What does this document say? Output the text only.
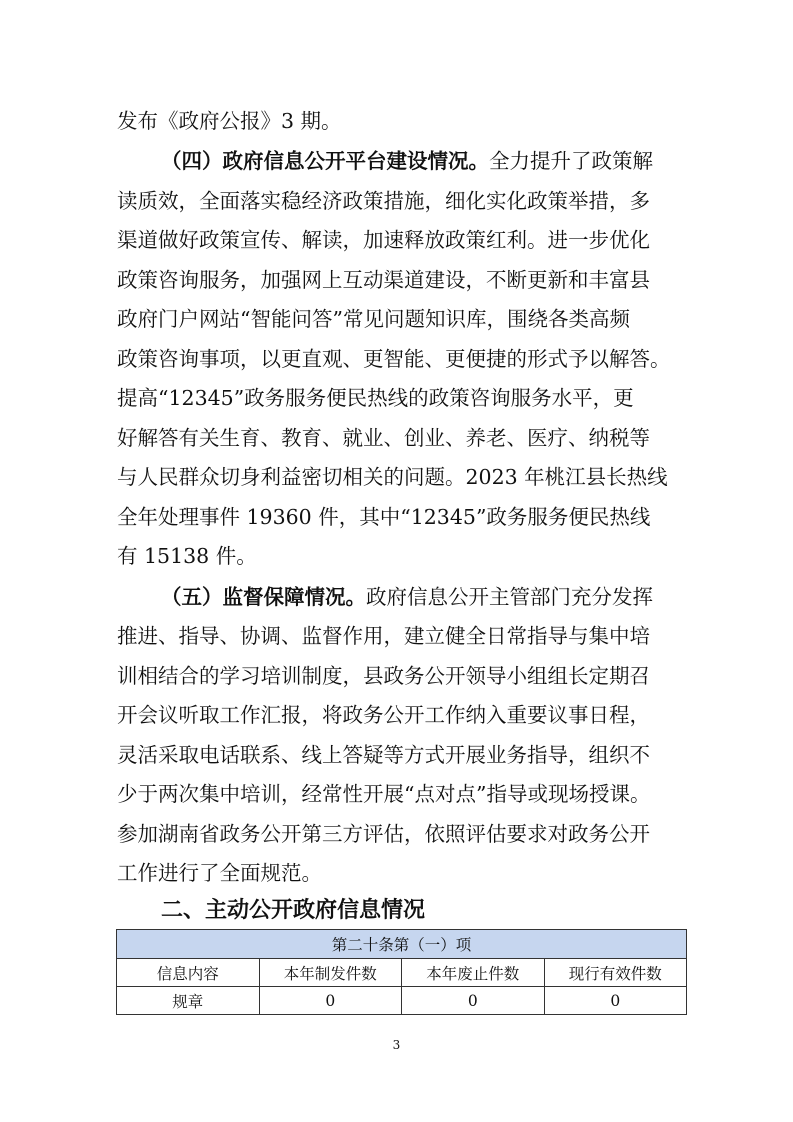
发布《政府公报》3 期。
（四）政府信息公开平台建设情况。全力提升了政策解
读质效，全面落实稳经济政策措施，细化实化政策举措，多
渠道做好政策宣传、解读，加速释放政策红利。进一步优化
政策咨询服务，加强网上互动渠道建设，不断更新和丰富县
政府门户网站“智能问答”常见问题知识库，围绕各类高频
政策咨询事项，以更直观、更智能、更便捷的形式予以解答。
提高“12345”政务服务便民热线的政策咨询服务水平，更
好解答有关生育、教育、就业、创业、养老、医疗、纳税等
与人民群众切身利益密切相关的问题。2023 年桃江县长热线
全年处理事件 19360 件，其中“12345”政务服务便民热线
有 15138 件。
（五）监督保障情况。政府信息公开主管部门充分发挥
推进、指导、协调、监督作用，建立健全日常指导与集中培
训相结合的学习培训制度，县政务公开领导小组组长定期召
开会议听取工作汇报，将政务公开工作纳入重要议事日程，
灵活采取电话联系、线上答疑等方式开展业务指导，组织不
少于两次集中培训，经常性开展“点对点”指导或现场授课。
参加湖南省政务公开第三方评估，依照评估要求对政务公开
工作进行了全面规范。
二、主动公开政府信息情况
第二十条第（一）项			
信息内容	本年制发件数	本年废止件数	现行有效件数
规章	0	0	0
3
